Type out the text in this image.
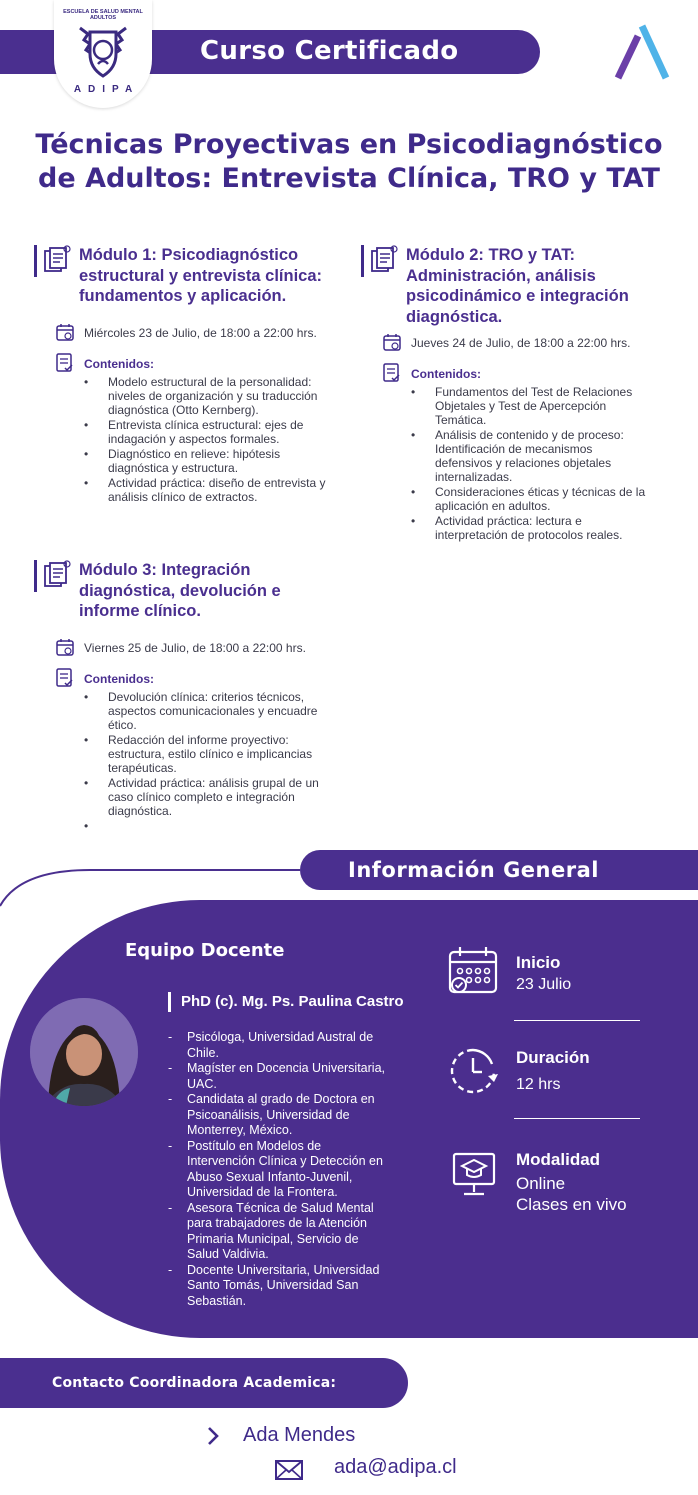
Curso Certificado
ESCUELA DE SALUD MENTAL
ADULTOS
ADIPA
Técnicas Proyectivas en Psicodiagnóstico
de Adultos: Entrevista Clínica, TRO y TAT
Módulo 1: Psicodiagnóstico
estructural y entrevista clínica:
fundamentos y aplicación.
Miércoles 23 de Julio, de 18:00 a 22:00 hrs.
Contenidos:
• Modelo estructural de la personalidad:
niveles de organización y su traducción
diagnóstica (Otto Kernberg).
• Entrevista clínica estructural: ejes de
indagación y aspectos formales.
• Diagnóstico en relieve: hipótesis
diagnóstica y estructura.
• Actividad práctica: diseño de entrevista y
análisis clínico de extractos.
Módulo 2: TRO y TAT:
Administración, análisis
psicodinámico e integración
diagnóstica.
Jueves 24 de Julio, de 18:00 a 22:00 hrs.
Contenidos:
• Fundamentos del Test de Relaciones
Objetales y Test de Apercepción
Temática.
• Análisis de contenido y de proceso:
Identificación de mecanismos
defensivos y relaciones objetales
internalizadas.
• Consideraciones éticas y técnicas de la
aplicación en adultos.
• Actividad práctica: lectura e
interpretación de protocolos reales.
Módulo 3: Integración
diagnóstica, devolución e
informe clínico.
Viernes 25 de Julio, de 18:00 a 22:00 hrs.
Contenidos:
• Devolución clínica: criterios técnicos,
aspectos comunicacionales y encuadre
ético.
• Redacción del informe proyectivo:
estructura, estilo clínico e implicancias
terapéuticas.
• Actividad práctica: análisis grupal de un
caso clínico completo e integración
diagnóstica.
Información General
Equipo Docente
PhD (c). Mg. Ps. Paulina Castro
- Psicóloga, Universidad Austral de
Chile.
- Magíster en Docencia Universitaria,
UAC.
- Candidata al grado de Doctora en
Psicoanálisis, Universidad de
Monterrey, México.
- Postítulo en Modelos de
Intervención Clínica y Detección en
Abuso Sexual Infanto-Juvenil,
Universidad de la Frontera.
- Asesora Técnica de Salud Mental
para trabajadores de la Atención
Primaria Municipal, Servicio de
Salud Valdivia.
- Docente Universitaria, Universidad
Santo Tomás, Universidad San
Sebastián.
Inicio
23 Julio
Duración
12 hrs
Modalidad
Online
Clases en vivo
Contacto Coordinadora Academica:
Ada Mendes
ada@adipa.cl
